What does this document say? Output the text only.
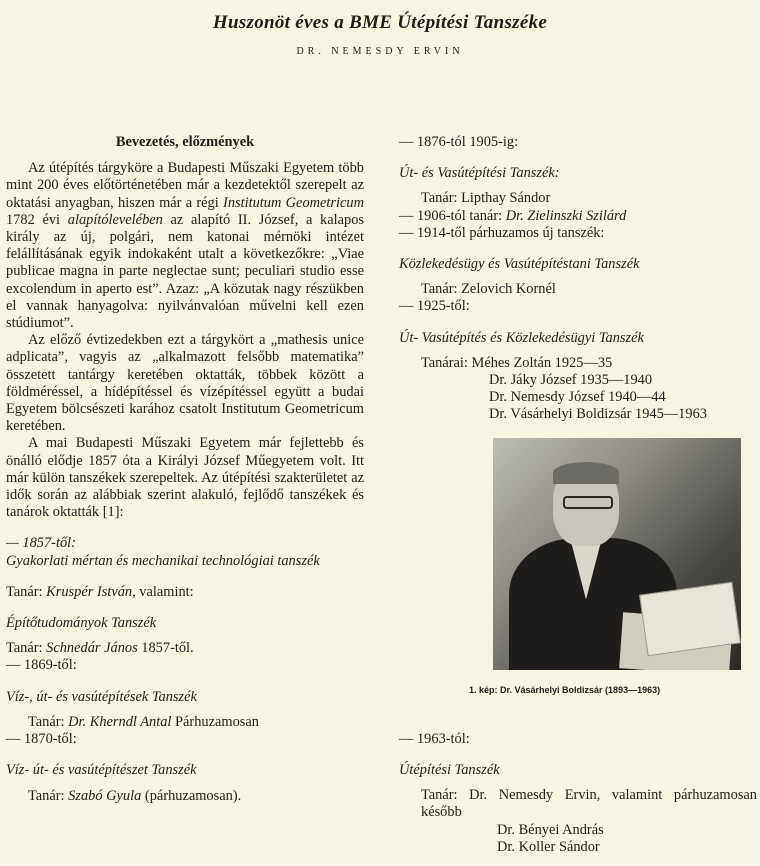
Huszonöt éves a BME Útépítési Tanszéke
DR. NEMESDY ERVIN
Bevezetés, előzmények

Az útépítés tárgyköre a Budapesti Műszaki Egyetem több mint 200 éves előtörténetében már a kezdetektől szerepelt az oktatási anyagban, hiszen már a régi Institutum Geometricum 1782 évi alapítólevelében az alapító II. József, a kalapos király az új, polgári, nem katonai mérnöki intézet felállításának egyik indokaként utalt a következőkre: „Viae publicae magna in parte neglectae sunt; peculiari studio esse excolendum in aperto est”. Azaz: „A közutak nagy részükben el vannak hanyagolva: nyilvánvalóan művelni kell ezen stúdiumot”.

Az előző évtizedekben ezt a tárgykört a „mathesis unice adplicata”, vagyis az „alkalmazott felsőbb matematika” összetett tantárgy keretében oktatták, többek között a földméréssel, a hídépítéssel és vízépítéssel együtt a budai Egyetem bölcsészeti karához csatolt Institutum Geometricum keretében.

A mai Budapesti Műszaki Egyetem már fejlettebb és önálló elődje 1857 óta a Királyi József Műegyetem volt. Itt már külön tanszékek szerepeltek. Az útépítési szakterületet az idők során az alábbiak szerint alakuló, fejlődő tanszékek és tanárok oktatták [1]:

— 1857-től:
Gyakorlati mértan és mechanikai technológiai tanszék
Tanár: Kruspér István, valamint:
Építőtudományok Tanszék
Tanár: Schnedár János 1857-től.
— 1869-től:
Víz-, út- és vasútépítések Tanszék
Tanár: Dr. Kherndl Antal Párhuzamosan
— 1870-től:
Víz- út- és vasútépítészet Tanszék
Tanár: Szabó Gyula (párhuzamosan).
— 1876-tól 1905-ig:
Út- és Vasútépítési Tanszék:
Tanár: Lipthay Sándor
— 1906-tól tanár: Dr. Zielinszki Szilárd
— 1914-től párhuzamos új tanszék:
Közlekedésügy és Vasútépítéstani Tanszék
Tanár: Zelovich Kornél
— 1925-től:
Út- Vasútépítés és Közlekedésügyi Tanszék
Tanárai: Méhes Zoltán 1925—35
Dr. Jáky József 1935—1940
Dr. Nemesdy József 1940—44
Dr. Vásárhelyi Boldizsár 1945—1963
1. kép: Dr. Vásárhelyi Boldizsár (1893—1963)
— 1963-tól:
Útépítési Tanszék
Tanár: Dr. Nemesdy Ervin, valamint párhuzamosan később
Dr. Bényei András
Dr. Koller Sándor
